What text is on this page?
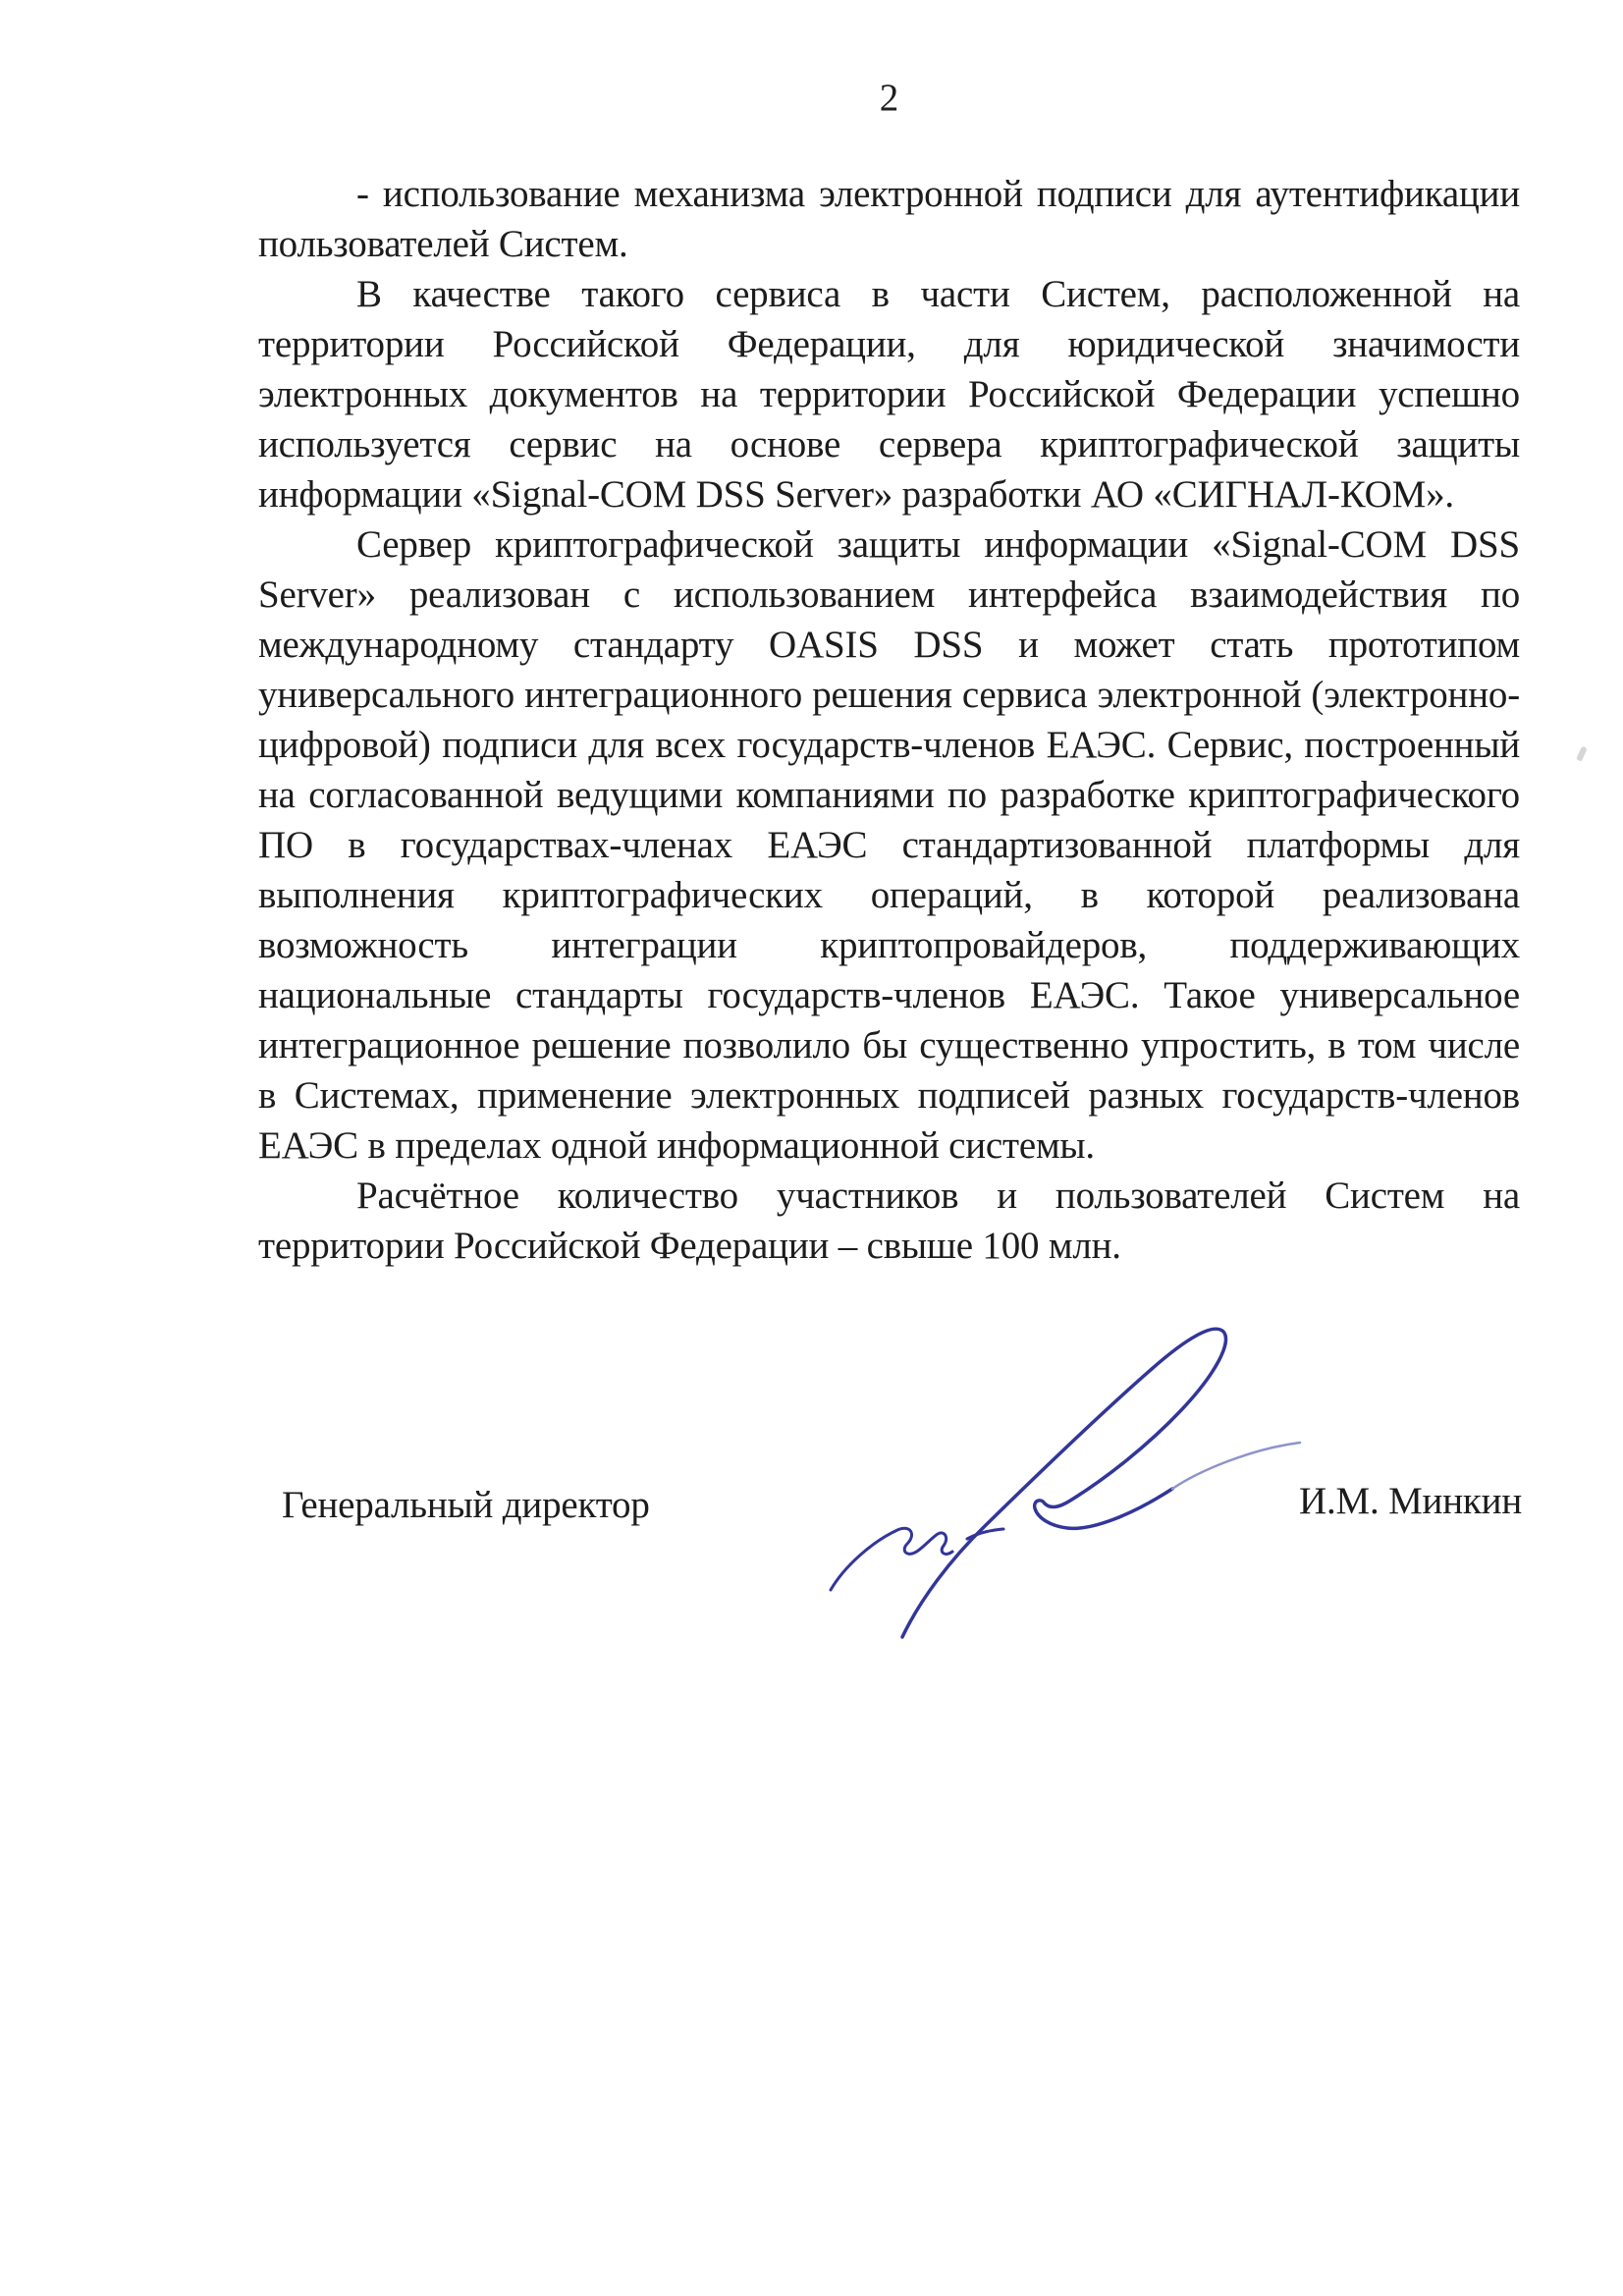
2

- использование механизма электронной подписи для аутентификации пользователей Систем.

В качестве такого сервиса в части Систем, расположенной на территории Российской Федерации, для юридической значимости электронных документов на территории Российской Федерации успешно используется сервис на основе сервера криптографической защиты информации «Signal-COM DSS Server» разработки АО «СИГНАЛ-КОМ».

Сервер криптографической защиты информации «Signal-COM DSS Server» реализован с использованием интерфейса взаимодействия по международному стандарту OASIS DSS и может стать прототипом универсального интеграционного решения сервиса электронной (электронно-цифровой) подписи для всех государств-членов ЕАЭС. Сервис, построенный на согласованной ведущими компаниями по разработке криптографического ПО в государствах-членах ЕАЭС стандартизованной платформы для выполнения криптографических операций, в которой реализована возможность интеграции криптопровайдеров, поддерживающих национальные стандарты государств-членов ЕАЭС. Такое универсальное интеграционное решение позволило бы существенно упростить, в том числе в Системах, применение электронных подписей разных государств-членов ЕАЭС в пределах одной информационной системы.

Расчётное количество участников и пользователей Систем на территории Российской Федерации – свыше 100 млн.

Генеральный директор	И.М. Минкин
